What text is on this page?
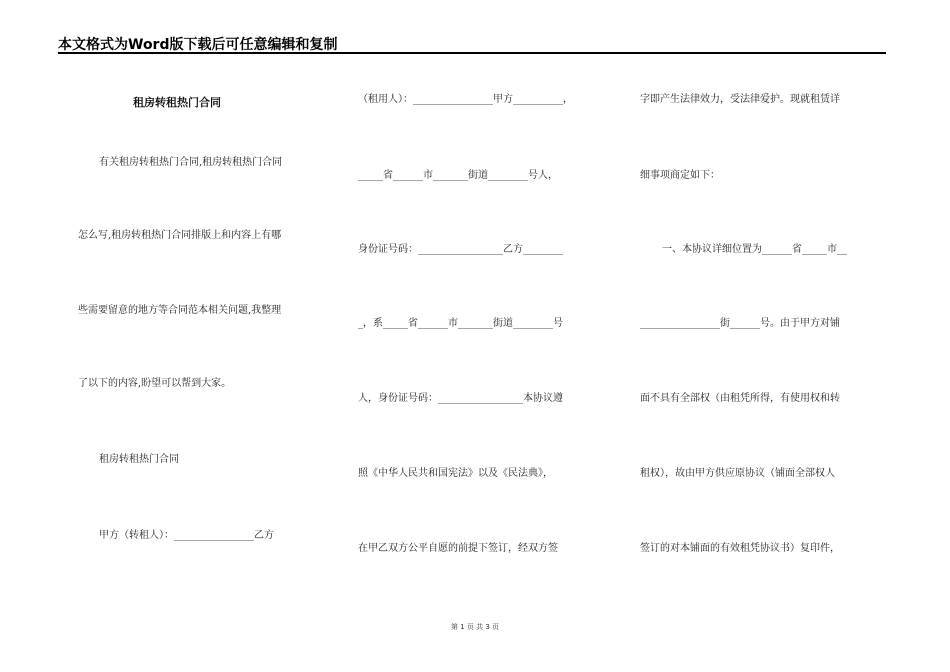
本文格式为Word版下载后可任意编辑和复制
租房转租热门合同
有关租房转租热门合同,租房转租热门合同
怎么写,租房转租热门合同排版上和内容上有哪
些需要留意的地方等合同范本相关问题,我整理
了以下的内容,盼望可以帮到大家。
租房转租热门合同
甲方（转租人）：________________乙方
（租用人）：________________甲方__________，
_____省______市_______街道________号人，
身份证号码：_________________乙方________
_，系_____省______市_______街道________号
人，身份证号码：_________________本协议遵
照《中华人民共和国宪法》以及《民法典》，
在甲乙双方公平自愿的前提下签订，经双方签
字即产生法律效力，受法律爱护。现就租赁详
细事项商定如下：
一、本协议详细位置为______省_____市__
________________街______号。由于甲方对铺
面不具有全部权（由租凭所得，有使用权和转
租权），故由甲方供应原协议（铺面全部权人
签订的对本铺面的有效租凭协议书）复印件，
第 1 页 共 3 页
